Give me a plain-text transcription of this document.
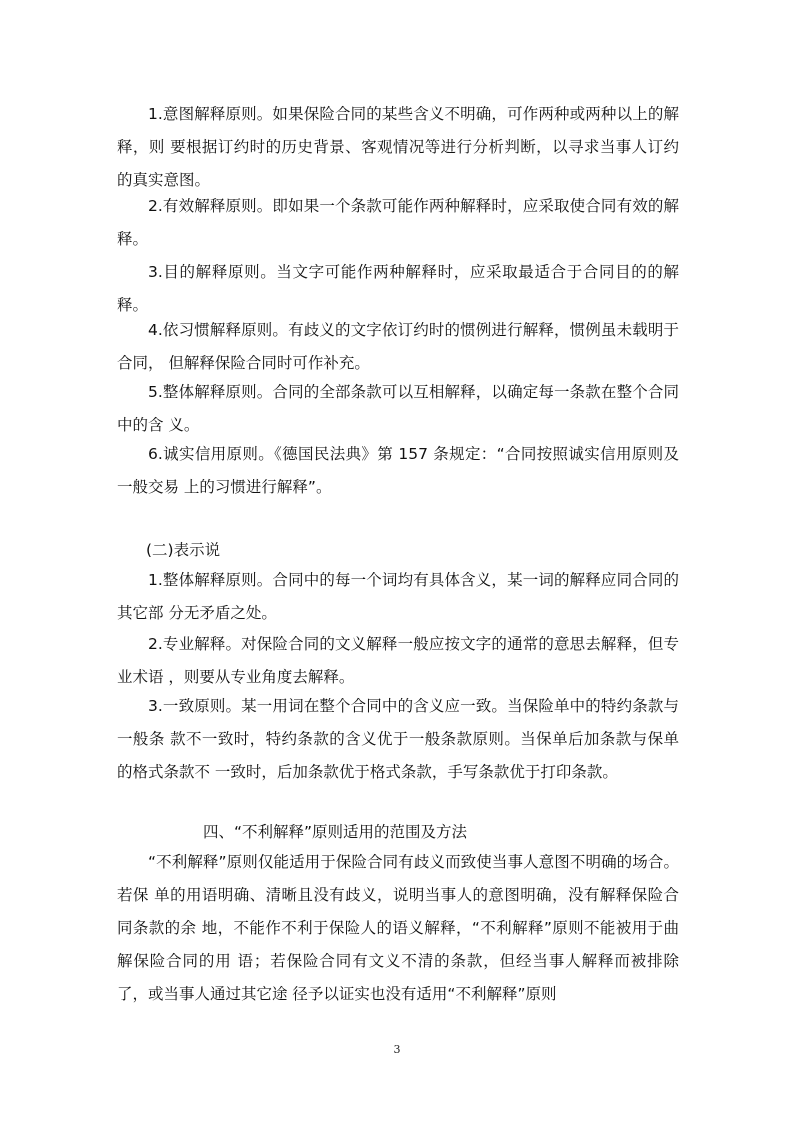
1.意图解释原则。如果保险合同的某些含义不明确，可作两种或两种以上的解释，则 要根据订约时的历史背景、客观情况等进行分析判断，以寻求当事人订约的真实意图。

2.有效解释原则。即如果一个条款可能作两种解释时，应采取使合同有效的解释。

3.目的解释原则。当文字可能作两种解释时，应采取最适合于合同目的的解释。

4.依习惯解释原则。有歧义的文字依订约时的惯例进行解释，惯例虽未载明于合同， 但解释保险合同时可作补充。

5.整体解释原则。合同的全部条款可以互相解释，以确定每一条款在整个合同中的含 义。

6.诚实信用原则。《德国民法典》第 157 条规定：“合同按照诚实信用原则及一般交易 上的习惯进行解释”。

(二)表示说

1.整体解释原则。合同中的每一个词均有具体含义，某一词的解释应同合同的其它部 分无矛盾之处。

2.专业解释。对保险合同的文义解释一般应按文字的通常的意思去解释，但专业术语 ，则要从专业角度去解释。

3.一致原则。某一用词在整个合同中的含义应一致。当保险单中的特约条款与一般条 款不一致时，特约条款的含义优于一般条款原则。当保单后加条款与保单的格式条款不 一致时，后加条款优于格式条款，手写条款优于打印条款。

四、“不利解释”原则适用的范围及方法

“不利解释”原则仅能适用于保险合同有歧义而致使当事人意图不明确的场合。若保 单的用语明确、清晰且没有歧义，说明当事人的意图明确，没有解释保险合同条款的余 地，不能作不利于保险人的语义解释，“不利解释”原则不能被用于曲解保险合同的用 语；若保险合同有文义不清的条款，但经当事人解释而被排除了，或当事人通过其它途 径予以证实也没有适用“不利解释”原则

3
